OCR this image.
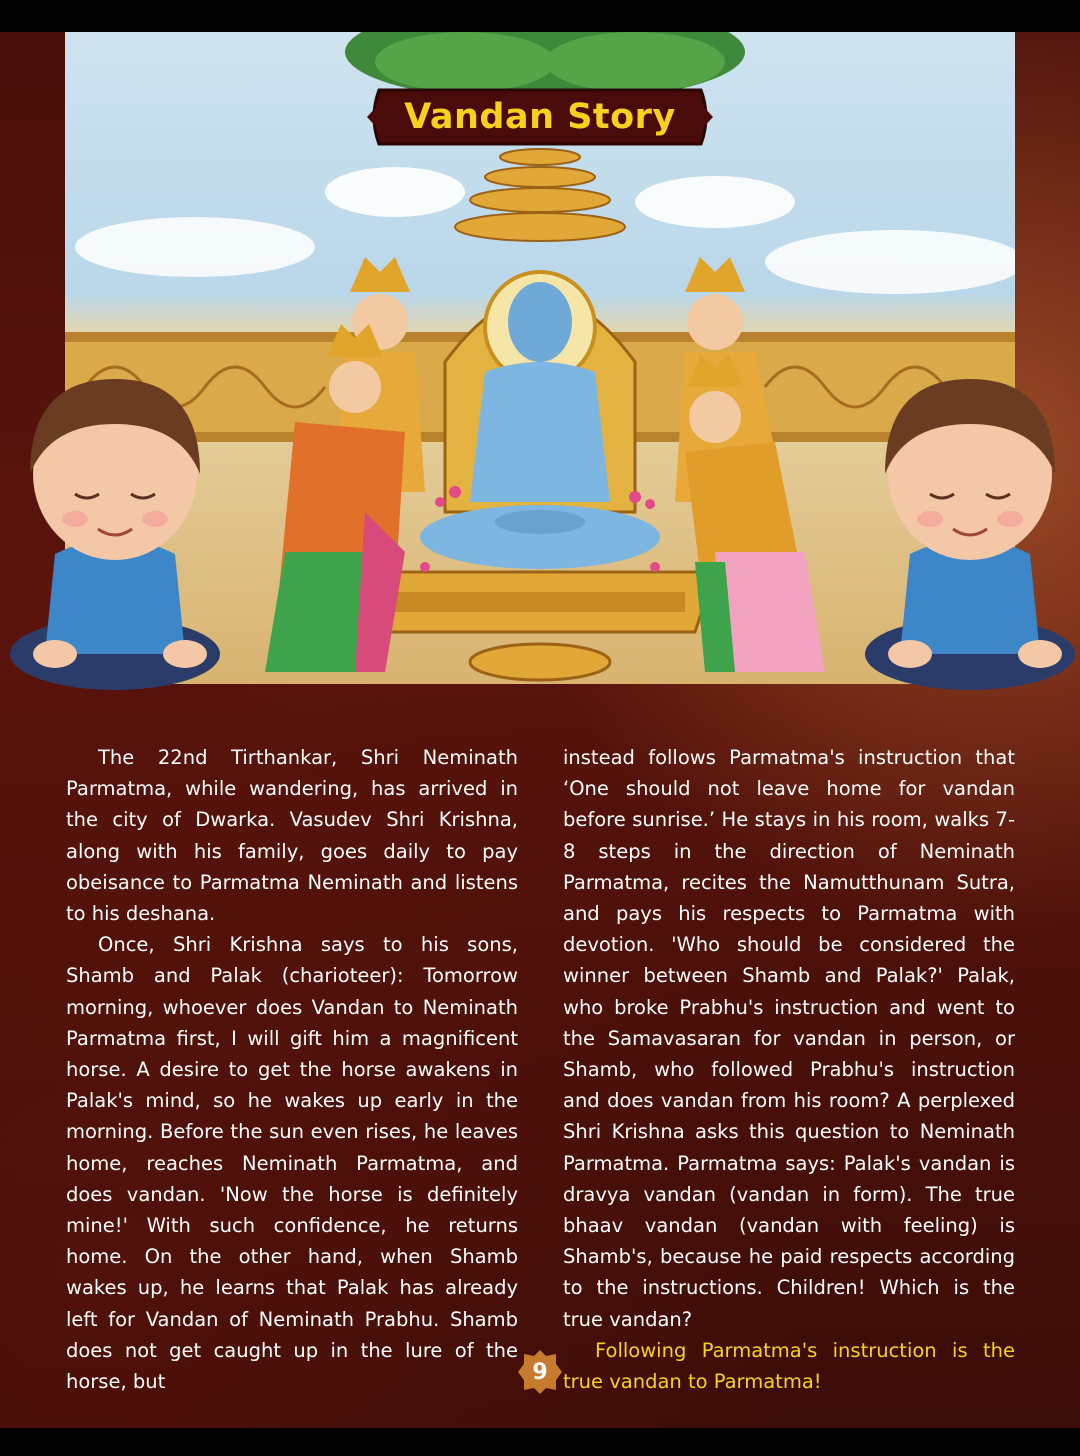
Vandan Story

The 22nd Tirthankar, Shri Neminath Parmatma, while wandering, has arrived in the city of Dwarka. Vasudev Shri Krishna, along with his family, goes daily to pay obeisance to Parmatma Neminath and listens to his deshana.

Once, Shri Krishna says to his sons, Shamb and Palak (charioteer): Tomorrow morning, whoever does Vandan to Neminath Parmatma first, I will gift him a magnificent horse. A desire to get the horse awakens in Palak's mind, so he wakes up early in the morning. Before the sun even rises, he leaves home, reaches Neminath Parmatma, and does vandan. 'Now the horse is definitely mine!' With such confidence, he returns home. On the other hand, when Shamb wakes up, he learns that Palak has already left for Vandan of Neminath Prabhu. Shamb does not get caught up in the lure of the horse, but

instead follows Parmatma's instruction that ‘One should not leave home for vandan before sunrise.’ He stays in his room, walks 7-8 steps in the direction of Neminath Parmatma, recites the Namutthunam Sutra, and pays his respects to Parmatma with devotion. 'Who should be considered the winner between Shamb and Palak?' Palak, who broke Prabhu's instruction and went to the Samavasaran for vandan in person, or Shamb, who followed Prabhu's instruction and does vandan from his room? A perplexed Shri Krishna asks this question to Neminath Parmatma. Parmatma says: Palak's vandan is dravya vandan (vandan in form). The true bhaav vandan (vandan with feeling) is Shamb's, because he paid respects according to the instructions. Children! Which is the true vandan?

Following Parmatma's instruction is the true vandan to Parmatma!

9
